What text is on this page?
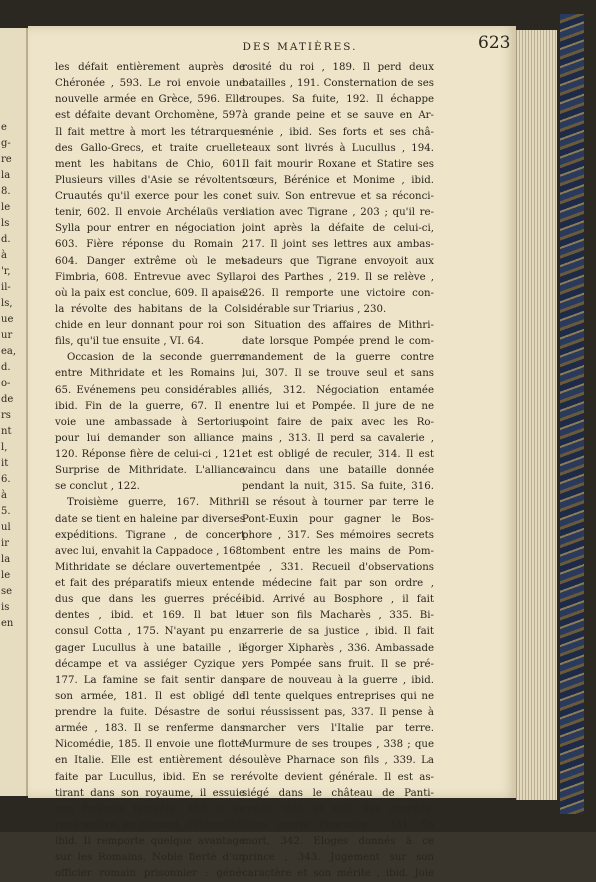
e
g-
re
la
8.
le
ls
d.
à
'r,
il-
ls,
ue
ur
ea,
d.
o-
de
rs
nt
l,
it
6.
à
5.
ul
ir
la
le
se
is
en
DES MATIÈRES.	623
les défait entièrement auprès de
Chéronée , 593. Le roi envoie une
nouvelle armée en Grèce, 596. Elle
est défaite devant Orchomène, 597.
Il fait mettre à mort les tétrarques
des Gallo-Grecs, et traite cruelle-
ment les habitans de Chio, 601.
Plusieurs villes d'Asie se révoltent.
Cruautés qu'il exerce pour les con-
tenir, 602. Il envoie Archélaüs vers
Sylla pour entrer en négociation ,
603. Fière réponse du Romain ,
604. Danger extrême où le met
Fimbria, 608. Entrevue avec Sylla,
où la paix est conclue, 609. Il apaise
la révolte des habitans de la Col-
chide en leur donnant pour roi son
fils, qu'il tue ensuite , VI. 64.
Occasion de la seconde guerre
entre Mithridate et les Romains ,
65. Evénemens peu considérables ,
ibid. Fin de la guerre, 67. Il en-
voie une ambassade à Sertorius
pour lui demander son alliance ,
120. Réponse fière de celui-ci , 121.
Surprise de Mithridate. L'alliance
se conclut , 122.
Troisième guerre, 167. Mithri-
date se tient en haleine par diverses
expéditions. Tigrane , de concert
avec lui, envahit la Cappadoce , 168.
Mithridate se déclare ouvertement,
et fait des préparatifs mieux enten-
dus que dans les guerres précé-
dentes , ibid. et 169. Il bat le
consul Cotta , 175. N'ayant pu en-
gager Lucullus à une bataille , il
décampe et va assiéger Cyzique ,
177. La famine se fait sentir dans
son armée, 181. Il est obligé de
prendre la fuite. Désastre de son
armée , 183. Il se renferme dans
Nicomédie, 185. Il envoie une flotte
en Italie. Elle est entièrement dé-
faite par Lucullus, ibid. En se re-
tirant dans son royaume, il essuie
une furieuse tempête, 186. Il se
rend maître, en passant, d'Héraclée,
ibid. Il remporte quelque avantage
sur les Romains. Noble fierté d'un
officier romain prisonnier : géné-
rosité du roi , 189. Il perd deux
batailles , 191. Consternation de ses
troupes. Sa fuite, 192. Il échappe
à grande peine et se sauve en Ar-
ménie , ibid. Ses forts et ses châ-
teaux sont livrés à Lucullus , 194.
Il fait mourir Roxane et Statire ses
sœurs, Bérénice et Monime , ibid.
et suiv. Son entrevue et sa réconci-
liation avec Tigrane , 203 ; qu'il re-
joint après la défaite de celui-ci,
217. Il joint ses lettres aux ambas-
sadeurs que Tigrane envoyoit aux
roi des Parthes , 219. Il se relève ,
226. Il remporte une victoire con-
sidérable sur Triarius , 230.
Situation des affaires de Mithri-
date lorsque Pompée prend le com-
mandement de la guerre contre
lui, 307. Il se trouve seul et sans
alliés, 312. Négociation entamée
entre lui et Pompée. Il jure de ne
point faire de paix avec les Ro-
mains , 313. Il perd sa cavalerie ,
et est obligé de reculer, 314. Il est
vaincu dans une bataille donnée
pendant la nuit, 315. Sa fuite, 316.
Il se résout à tourner par terre le
Pont-Euxin pour gagner le Bos-
phore , 317. Ses mémoires secrets
tombent entre les mains de Pom-
pée , 331. Recueil d'observations
de médecine fait par son ordre ,
ibid. Arrivé au Bosphore , il fait
tuer son fils Macharès , 335. Bi-
zarrerie de sa justice , ibid. Il fait
égorger Xipharès , 336. Ambassade
vers Pompée sans fruit. Il se pré-
pare de nouveau à la guerre , ibid.
Il tente quelques entreprises qui ne
lui réussissent pas, 337. Il pense à
marcher vers l'Italie par terre.
Murmure de ses troupes , 338 ; que
soulève Pharnace son fils , 339. La
révolte devient générale. Il est as-
siégé dans le château de Panti-
capée, ibid. et suiv. Ses impréca-
tions contre Pharnace , 341. Sa
mort, 342. Eloges donnés à ce
prince , 343. Jugement sur son
caractère et son mérite , ibid. Joie
